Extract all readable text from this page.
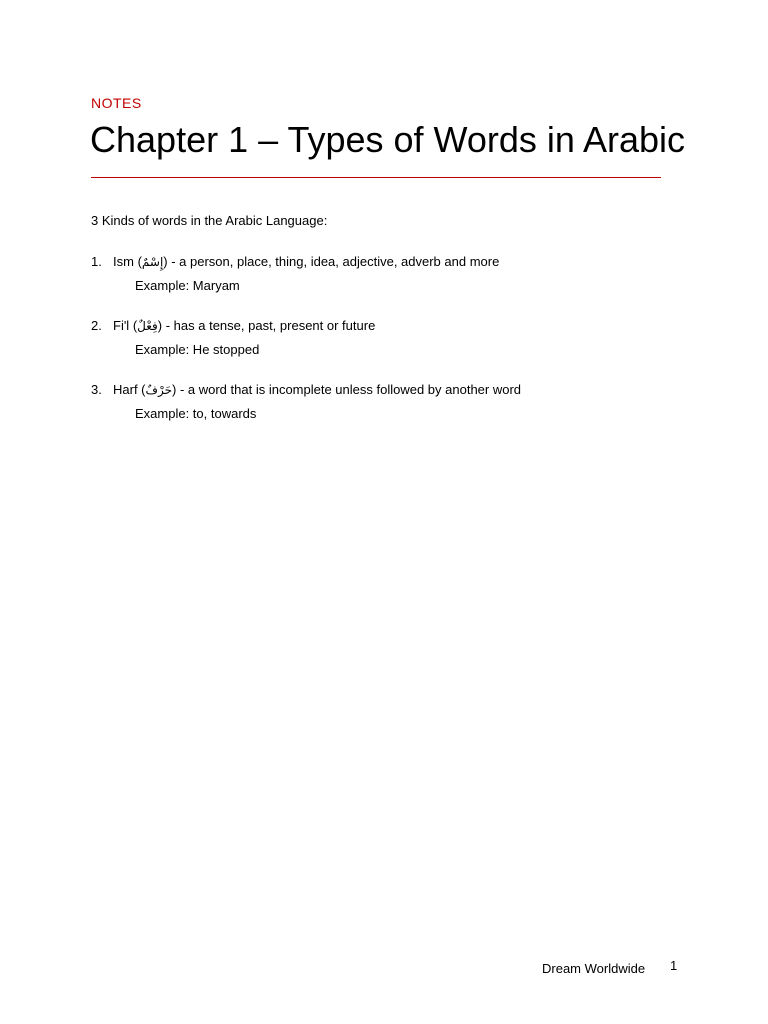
NOTES
Chapter 1 – Types of Words in Arabic
3 Kinds of words in the Arabic Language:
1. Ism (إِسْمٌ) - a person, place, thing, idea, adjective, adverb and more
Example: Maryam
2. Fi'l (فِعْلٌ) - has a tense, past, present or future
Example: He stopped
3. Harf (حَرْفٌ) - a word that is incomplete unless followed by another word
Example: to, towards
Dream Worldwide 1
